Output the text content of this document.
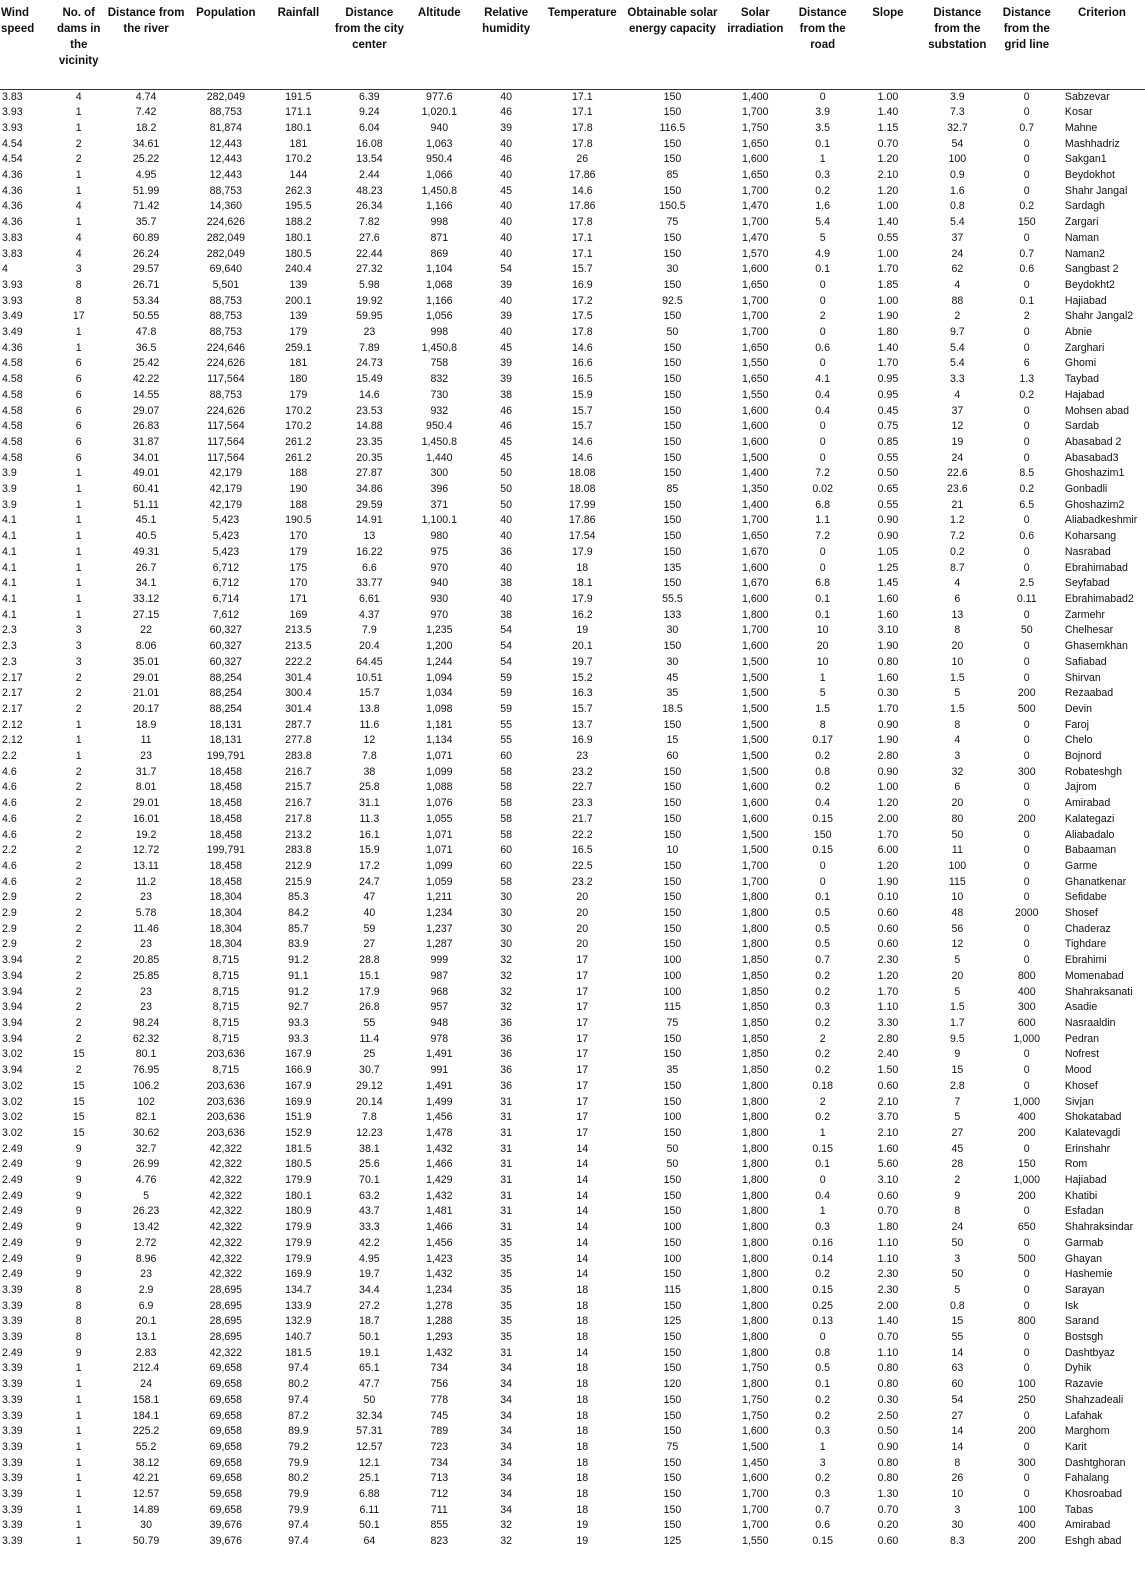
Wind speed	No. of dams in the vicinity	Distance from the river	Population	Rainfall	Distance from the city center	Altitude	Relative humidity	Temperature	Obtainable solar energy capacity	Solar irradiation	Distance from the road	Slope	Distance from the substation	Distance from the grid line	Criterion
3.83	4	4.74	282,049	191.5	6.39	977.6	40	17.1	150	1,400	0	1.00	3.9	0	Sabzevar
3.93	1	7.42	88,753	171.1	9.24	1,020.1	46	17.1	150	1,700	3.9	1.40	7.3	0	Kosar
3.93	1	18.2	81,874	180.1	6.04	940	39	17.8	116.5	1,750	3.5	1.15	32.7	0.7	Mahne
4.54	2	34.61	12,443	181	16.08	1,063	40	17.8	150	1,650	0.1	0.70	54	0	Mashhadriz
4.54	2	25.22	12,443	170.2	13.54	950.4	46	26	150	1,600	1	1.20	100	0	Sakgan1
4.36	1	4.95	12,443	144	2.44	1,066	40	17.86	85	1,650	0.3	2.10	0.9	0	Beydokhot
4.36	1	51.99	88,753	262.3	48.23	1,450.8	45	14.6	150	1,700	0.2	1.20	1.6	0	Shahr Jangal
4.36	4	71.42	14,360	195.5	26.34	1,166	40	17.86	150.5	1,470	1.6	1.00	0.8	0.2	Sardagh
4.36	1	35.7	224,626	188.2	7.82	998	40	17.8	75	1,700	5.4	1.40	5.4	150	Zargari
3.83	4	60.89	282,049	180.1	27.6	871	40	17.1	150	1,470	5	0.55	37	0	Naman
3.83	4	26.24	282,049	180.5	22.44	869	40	17.1	150	1,570	4.9	1.00	24	0.7	Naman2
4	3	29.57	69,640	240.4	27.32	1,104	54	15.7	30	1,600	0.1	1.70	62	0.6	Sangbast 2
3.93	8	26.71	5,501	139	5.98	1,068	39	16.9	150	1,650	0	1.85	4	0	Beydokht2
3.93	8	53.34	88,753	200.1	19.92	1,166	40	17.2	92.5	1,700	0	1.00	88	0.1	Hajiabad
3.49	17	50.55	88,753	139	59.95	1,056	39	17.5	150	1,700	2	1.90	2	2	Shahr Jangal2
3.49	1	47.8	88,753	179	23	998	40	17.8	50	1,700	0	1.80	9.7	0	Abnie
4.36	1	36.5	224,646	259.1	7.89	1,450.8	45	14.6	150	1,650	0.6	1.40	5.4	0	Zarghari
4.58	6	25.42	224,626	181	24.73	758	39	16.6	150	1,550	0	1.70	5.4	6	Ghomi
4.58	6	42.22	117,564	180	15.49	832	39	16.5	150	1,650	4.1	0.95	3.3	1.3	Taybad
4.58	6	14.55	88,753	179	14.6	730	38	15.9	150	1,550	0.4	0.95	4	0.2	Hajabad
4.58	6	29.07	224,626	170.2	23.53	932	46	15.7	150	1,600	0.4	0.45	37	0	Mohsen abad
4.58	6	26.83	117,564	170.2	14.88	950.4	46	15.7	150	1,600	0	0.75	12	0	Sardab
4.58	6	31.87	117,564	261.2	23.35	1,450.8	45	14.6	150	1,600	0	0.85	19	0	Abasabad 2
4.58	6	34.01	117,564	261.2	20.35	1,440	45	14.6	150	1,500	0	0.55	24	0	Abasabad3
3.9	1	49.01	42,179	188	27.87	300	50	18.08	150	1,400	7.2	0.50	22.6	8.5	Ghoshazim1
3.9	1	60.41	42,179	190	34.86	396	50	18.08	85	1,350	0.02	0.65	23.6	0.2	Gonbadli
3.9	1	51.11	42,179	188	29.59	371	50	17.99	150	1,400	6.8	0.55	21	6.5	Ghoshazim2
4.1	1	45.1	5,423	190.5	14.91	1,100.1	40	17.86	150	1,700	1.1	0.90	1.2	0	Aliabadkeshmir
4.1	1	40.5	5,423	170	13	980	40	17.54	150	1,650	7.2	0.90	7.2	0.6	Koharsang
4.1	1	49.31	5,423	179	16.22	975	36	17.9	150	1,670	0	1.05	0.2	0	Nasrabad
4.1	1	26.7	6,712	175	6.6	970	40	18	135	1,600	0	1.25	8.7	0	Ebrahimabad
4.1	1	34.1	6,712	170	33.77	940	38	18.1	150	1,670	6.8	1.45	4	2.5	Seyfabad
4.1	1	33.12	6,714	171	6.61	930	40	17.9	55.5	1,600	0.1	1.60	6	0.11	Ebrahimabad2
4.1	1	27.15	7,612	169	4.37	970	38	16.2	133	1,800	0.1	1.60	13	0	Zarmehr
2.3	3	22	60,327	213.5	7.9	1,235	54	19	30	1,700	10	3.10	8	50	Chelhesar
2.3	3	8.06	60,327	213.5	20.4	1,200	54	20.1	150	1,600	20	1.90	20	0	Ghasemkhan
2.3	3	35.01	60,327	222.2	64.45	1,244	54	19.7	30	1,500	10	0.80	10	0	Safiabad
2.17	2	29.01	88,254	301.4	10.51	1,094	59	15.2	45	1,500	1	1.60	1.5	0	Shirvan
2.17	2	21.01	88,254	300.4	15.7	1,034	59	16.3	35	1,500	5	0.30	5	200	Rezaabad
2.17	2	20.17	88,254	301.4	13.8	1,098	59	15.7	18.5	1,500	1.5	1.70	1.5	500	Devin
2.12	1	18.9	18,131	287.7	11.6	1,181	55	13.7	150	1,500	8	0.90	8	0	Faroj
2.12	1	11	18,131	277.8	12	1,134	55	16.9	15	1,500	0.17	1.90	4	0	Chelo
2.2	1	23	199,791	283.8	7.8	1,071	60	23	60	1,500	0.2	2.80	3	0	Bojnord
4.6	2	31.7	18,458	216.7	38	1,099	58	23.2	150	1,500	0.8	0.90	32	300	Robateshgh
4.6	2	8.01	18,458	215.7	25.8	1,088	58	22.7	150	1,600	0.2	1.00	6	0	Jajrom
4.6	2	29.01	18,458	216.7	31.1	1,076	58	23.3	150	1,600	0.4	1.20	20	0	Amirabad
4.6	2	16.01	18,458	217.8	11.3	1,055	58	21.7	150	1,600	0.15	2.00	80	200	Kalategazi
4.6	2	19.2	18,458	213.2	16.1	1,071	58	22.2	150	1,500	150	1.70	50	0	Aliabadalo
2.2	2	12.72	199,791	283.8	15.9	1,071	60	16.5	10	1,500	0.15	6.00	11	0	Babaaman
4.6	2	13.11	18,458	212.9	17.2	1,099	60	22.5	150	1,700	0	1.20	100	0	Garme
4.6	2	11.2	18,458	215.9	24.7	1,059	58	23.2	150	1,700	0	1.90	115	0	Ghanatkenar
2.9	2	23	18,304	85.3	47	1,211	30	20	150	1,800	0.1	0.10	10	0	Sefidabe
2.9	2	5.78	18,304	84.2	40	1,234	30	20	150	1,800	0.5	0.60	48	2000	Shosef
2.9	2	11.46	18,304	85.7	59	1,237	30	20	150	1,800	0.5	0.60	56	0	Chaderaz
2.9	2	23	18,304	83.9	27	1,287	30	20	150	1,800	0.5	0.60	12	0	Tighdare
3.94	2	20.85	8,715	91.2	28.8	999	32	17	100	1,850	0.7	2.30	5	0	Ebrahimi
3.94	2	25.85	8,715	91.1	15.1	987	32	17	100	1,850	0.2	1.20	20	800	Momenabad
3.94	2	23	8,715	91.2	17.9	968	32	17	100	1,850	0.2	1.70	5	400	Shahraksanati
3.94	2	23	8,715	92.7	26.8	957	32	17	115	1,850	0.3	1.10	1.5	300	Asadie
3.94	2	98.24	8,715	93.3	55	948	36	17	75	1,850	0.2	3.30	1.7	600	Nasraaldin
3.94	2	62.32	8,715	93.3	11.4	978	36	17	150	1,850	2	2.80	9.5	1,000	Pedran
3.02	15	80.1	203,636	167.9	25	1,491	36	17	150	1,850	0.2	2.40	9	0	Nofrest
3.94	2	76.95	8,715	166.9	30.7	991	36	17	35	1,850	0.2	1.50	15	0	Mood
3.02	15	106.2	203,636	167.9	29.12	1,491	36	17	150	1,800	0.18	0.60	2.8	0	Khosef
3.02	15	102	203,636	169.9	20.14	1,499	31	17	150	1,800	2	2.10	7	1,000	Sivjan
3.02	15	82.1	203,636	151.9	7.8	1,456	31	17	100	1,800	0.2	3.70	5	400	Shokatabad
3.02	15	30.62	203,636	152.9	12.23	1,478	31	17	150	1,800	1	2.10	27	200	Kalatevagdi
2.49	9	32.7	42,322	181.5	38.1	1,432	31	14	50	1,800	0.15	1.60	45	0	Erinshahr
2.49	9	26.99	42,322	180.5	25.6	1,466	31	14	50	1,800	0.1	5.60	28	150	Rom
2.49	9	4.76	42,322	179.9	70.1	1,429	31	14	150	1,800	0	3.10	2	1,000	Hajiabad
2.49	9	5	42,322	180.1	63.2	1,432	31	14	150	1,800	0.4	0.60	9	200	Khatibi
2.49	9	26.23	42,322	180.9	43.7	1,481	31	14	150	1,800	1	0.70	8	0	Esfadan
2.49	9	13.42	42,322	179.9	33.3	1,466	31	14	100	1,800	0.3	1.80	24	650	Shahraksindar
2.49	9	2.72	42,322	179.9	42.2	1,456	35	14	150	1,800	0.16	1.10	50	0	Garmab
2.49	9	8.96	42,322	179.9	4.95	1,423	35	14	100	1,800	0.14	1.10	3	500	Ghayan
2.49	9	23	42,322	169.9	19.7	1,432	35	14	150	1,800	0.2	2.30	50	0	Hashemie
3.39	8	2.9	28,695	134.7	34.4	1,234	35	18	115	1,800	0.15	2.30	5	0	Sarayan
3.39	8	6.9	28,695	133.9	27.2	1,278	35	18	150	1,800	0.25	2.00	0.8	0	Isk
3.39	8	20.1	28,695	132.9	18.7	1,288	35	18	125	1,800	0.13	1.40	15	800	Sarand
3.39	8	13.1	28,695	140.7	50.1	1,293	35	18	150	1,800	0	0.70	55	0	Bostsgh
2.49	9	2.83	42,322	181.5	19.1	1,432	31	14	150	1,800	0.8	1.10	14	0	Dashtbyaz
3.39	1	212.4	69,658	97.4	65.1	734	34	18	150	1,750	0.5	0.80	63	0	Dyhik
3.39	1	24	69,658	80.2	47.7	756	34	18	120	1,800	0.1	0.80	60	100	Razavie
3.39	1	158.1	69,658	97.4	50	778	34	18	150	1,750	0.2	0.30	54	250	Shahzadeali
3.39	1	184.1	69,658	87.2	32.34	745	34	18	150	1,750	0.2	2.50	27	0	Lafahak
3.39	1	225.2	69,658	89.9	57.31	789	34	18	150	1,600	0.3	0.50	14	200	Marghom
3.39	1	55.2	69,658	79.2	12.57	723	34	18	75	1,500	1	0.90	14	0	Karit
3.39	1	38.12	69,658	79.9	12.1	734	34	18	150	1,450	3	0.80	8	300	Dashtghoran
3.39	1	42.21	69,658	80.2	25.1	713	34	18	150	1,600	0.2	0.80	26	0	Fahalang
3.39	1	12.57	59,658	79.9	6.88	712	34	18	150	1,700	0.3	1.30	10	0	Khosroabad
3.39	1	14.89	69,658	79.9	6.11	711	34	18	150	1,700	0.7	0.70	3	100	Tabas
3.39	1	30	39,676	97.4	50.1	855	32	19	150	1,700	0.6	0.20	30	400	Amirabad
3.39	1	50.79	39,676	97.4	64	823	32	19	125	1,550	0.15	0.60	8.3	200	Eshgh abad
